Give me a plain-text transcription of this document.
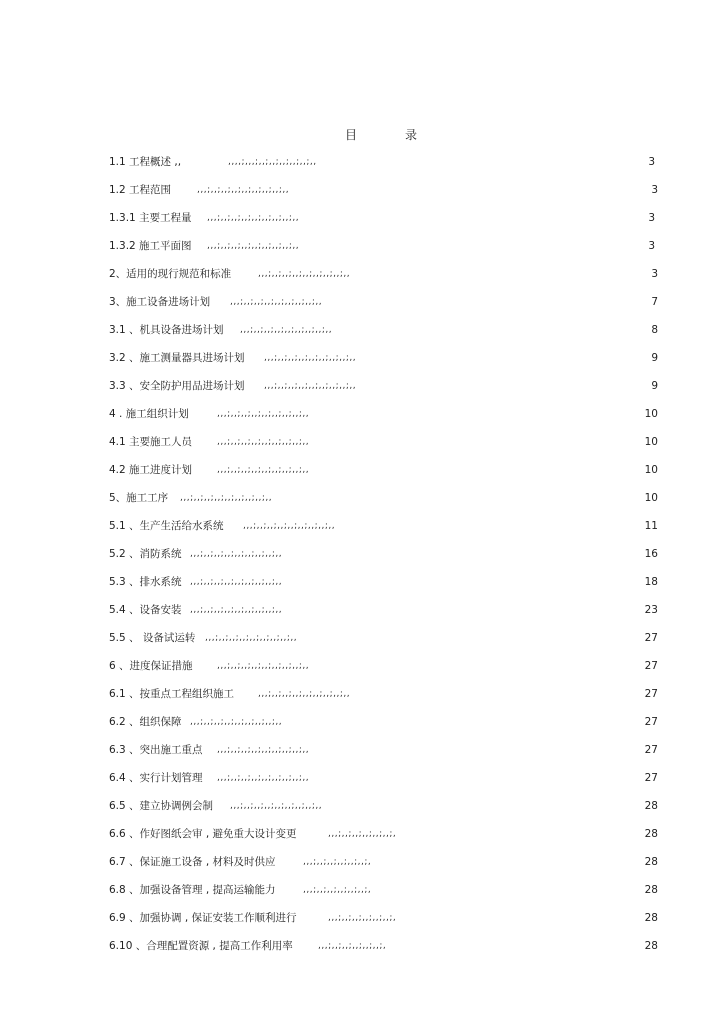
目	录
1.1 工程概述 ,,	,,,,;,,,;,,;,,;,,;,,;,,;,,	3
1.2 工程范围	,,,;,,;,,;,,;,,;,,;,,;,,;,,	3
1.3.1 主要工程量 ,,,;,,;,,;,,;,,;,,;,,;,,;,,	3
1.3.2 施工平面图 ,,,;,,;,,;,,;,,;,,;,,;,,;,,	3
2、适用的现行规范和标准	,,,;,,;,,;,,;,,;,,;,,;,,;,,	3
3、施工设备进场计划 ,,,;,,;,,;,,;,,;,,;,,;,,;,,	7
3.1 、机具设备进场计划 ,,,;,,;,,;,,;,,;,,;,,;,,;,,	8
3.2 、施工测量器具进场计划 ,,,;,,;,,;,,;,,;,,;,,;,,;,,	9
3.3 、安全防护用品进场计划 ,,,;,,;,,;,,;,,;,,;,,;,,;,,	9
4 . 施工组织计划	,,,;,,;,,;,,;,,;,,;,,;,,;,,	10
4.1 主要施工人员	,,,;,,;,,;,,;,,;,,;,,;,,;,,	10
4.2 施工进度计划	,,,;,,;,,;,,;,,;,,;,,;,,;,,	10
5、施工工序 ,,,;,,;,,;,,;,,;,,;,,;,,;,,	10
5.1 、生产生活给水系统 ,,,;,,;,,;,,;,,;,,;,,;,,;,,	11
5.2 、消防系统 ,,,;,,;,,;,,;,,;,,;,,;,,;,,	16
5.3 、排水系统 ,,,;,,;,,;,,;,,;,,;,,;,,;,,	18
5.4 、设备安装 ,,,;,,;,,;,,;,,;,,;,,;,,;,,	23
5.5 、 设备试运转 ,,,;,,;,,;,,;,,;,,;,,;,,;,,	27
6 、进度保证措施	,,,;,,;,,;,,;,,;,,;,,;,,;,,	27
6.1 、按重点工程组织施工	,,,;,,;,,;,,;,,;,,;,,;,,;,,	27
6.2 、组织保障 ,,,;,,;,,;,,;,,;,,;,,;,,;,,	27
6.3 、突出施工重点 ,,,;,,;,,;,,;,,;,,;,,;,,;,,	27
6.4 、实行计划管理 ,,,;,,;,,;,,;,,;,,;,,;,,;,,	27
6.5 、建立协调例会制 ,,,;,,;,,;,,;,,;,,;,,;,,;,,	28
6.6 、作好图纸会审 , 避免重大设计变更	,,,;,,;,,;,,;,,;,,;,	28
6.7 、保证施工设备 , 材料及时供应	,,,;,,;,,;,,;,,;,,;,	28
6.8 、加强设备管理 , 提高运输能力	,,,;,,;,,;,,;,,;,,;,	28
6.9 、加强协调 , 保证安装工作顺利进行	,,,;,,;,,;,,;,,;,,;,	28
6.10 、合理配置资源 , 提高工作利用率	,,,;,,;,,;,,;,,;,,;,	28
